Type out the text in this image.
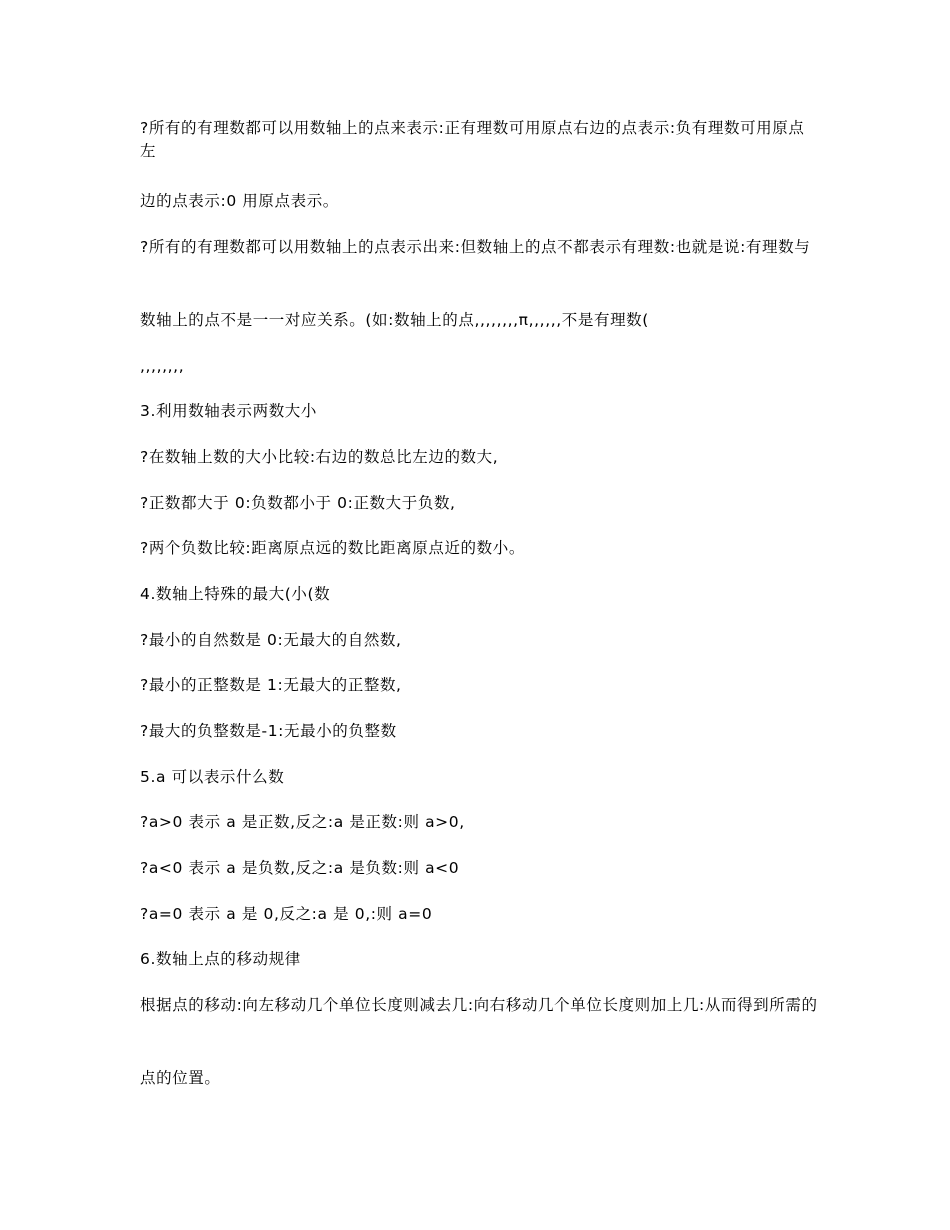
?所有的有理数都可以用数轴上的点来表示:正有理数可用原点右边的点表示:负有理数可用原点左
边的点表示:0 用原点表示。
?所有的有理数都可以用数轴上的点表示出来:但数轴上的点不都表示有理数:也就是说:有理数与
数轴上的点不是一一对应关系。(如:数轴上的点,,,,,,,,π,,,,,,不是有理数(
,,,,,,,,
3.利用数轴表示两数大小
?在数轴上数的大小比较:右边的数总比左边的数大,
?正数都大于 0:负数都小于 0:正数大于负数,
?两个负数比较:距离原点远的数比距离原点近的数小。
4.数轴上特殊的最大(小(数
?最小的自然数是 0:无最大的自然数,
?最小的正整数是 1:无最大的正整数,
?最大的负整数是-1:无最小的负整数
5.a 可以表示什么数
?a>0 表示 a 是正数,反之:a 是正数:则 a>0,
?a<0 表示 a 是负数,反之:a 是负数:则 a<0
?a=0 表示 a 是 0,反之:a 是 0,:则 a=0
6.数轴上点的移动规律
根据点的移动:向左移动几个单位长度则减去几:向右移动几个单位长度则加上几:从而得到所需的
点的位置。
